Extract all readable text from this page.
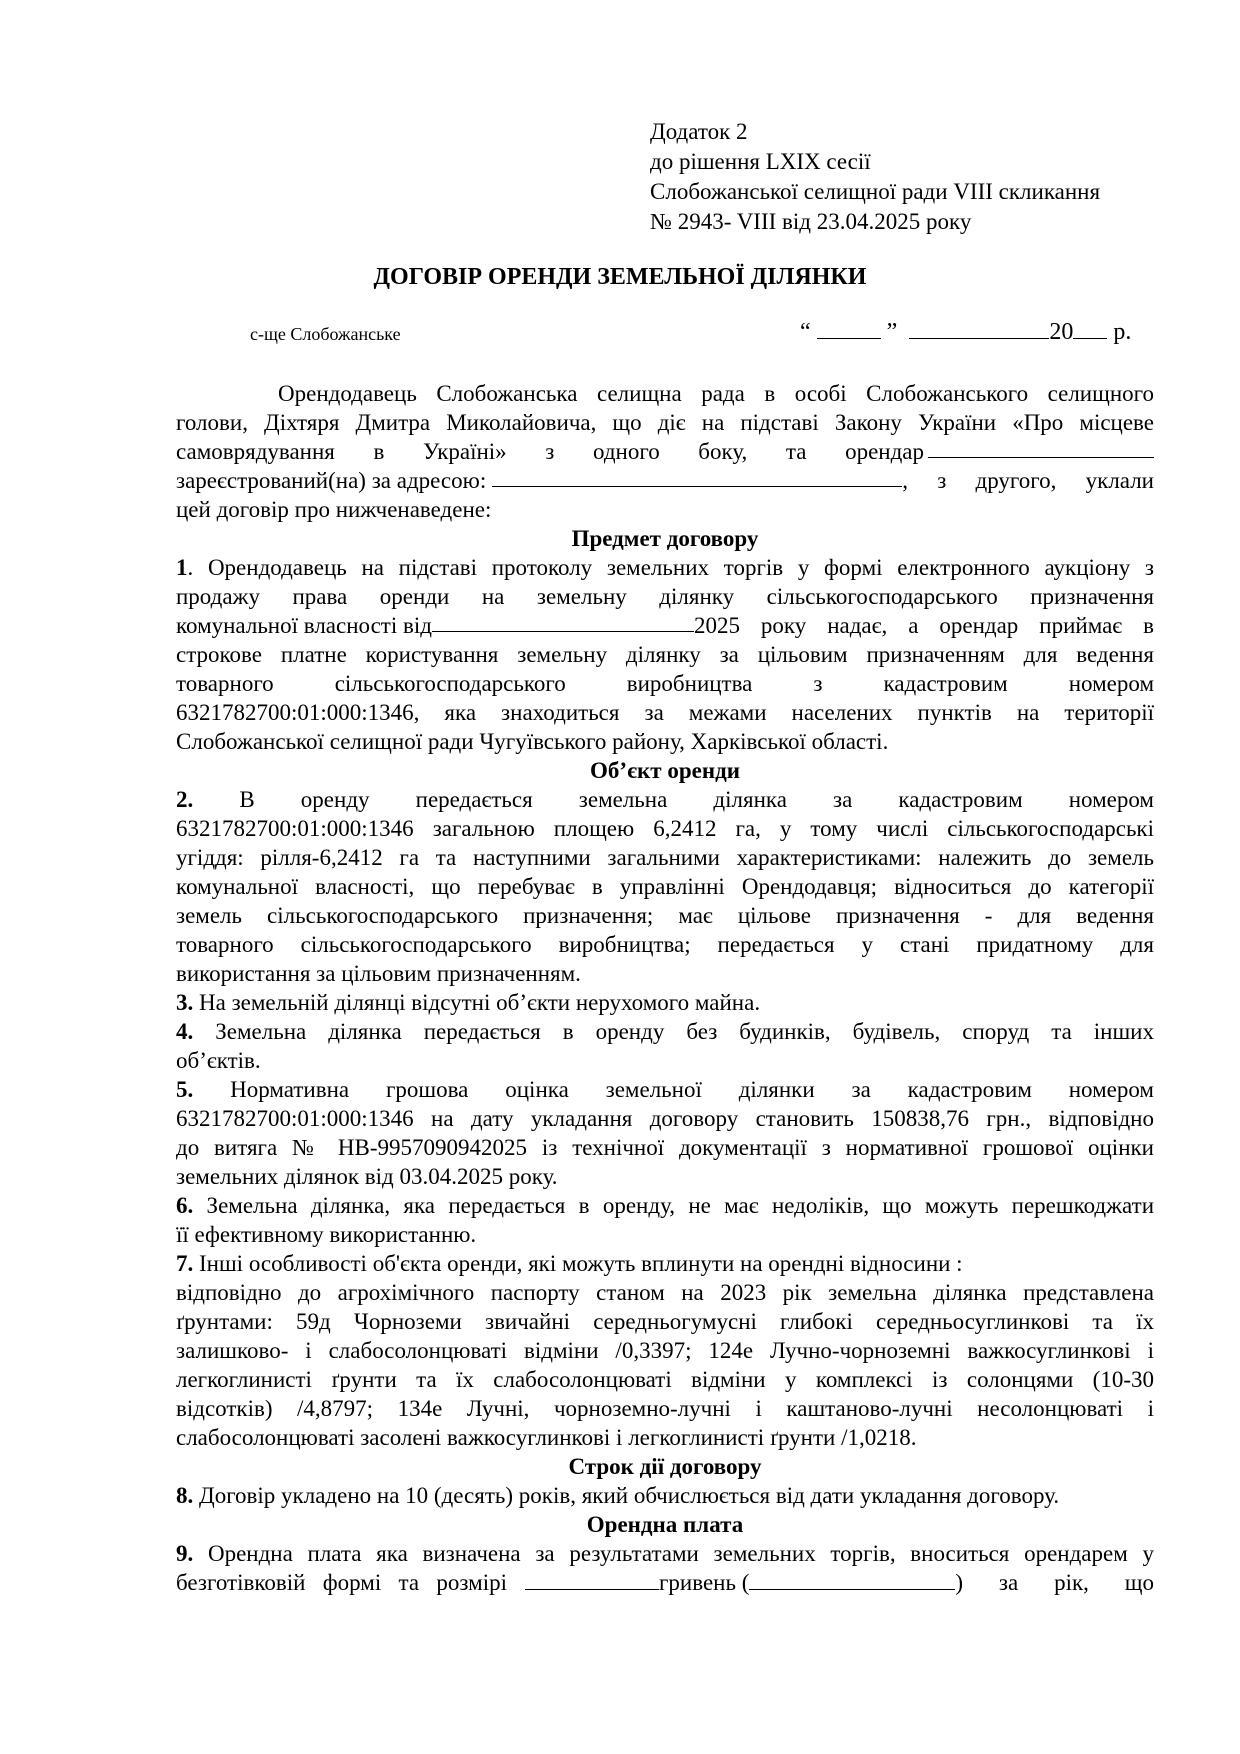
Додаток 2
до рішення LXIX сесії
Слобожанської селищної ради VIII скликання
№ 2943- VIII від 23.04.2025 року
ДОГОВІР ОРЕНДИ ЗЕМЕЛЬНОЇ ДІЛЯНКИ
с-ще Слобожанське	“	”	20 р.

Орендодавець Слобожанська селищна рада в особі Слобожанського селищного

голови, Діхтяря Дмитра Миколайовича, що діє на підставі Закону України «Про місцеве

самоврядування в Україні» з одного боку, та орендар

зареєстрований(на) за адресою:	, з другого, уклали

цей договір про нижченаведене:

Предмет договору

1. Орендодавець на підставі протоколу земельних торгів у формі електронного аукціону з

продажу права оренди на земельну ділянку сільськогосподарського призначення

комунальної власності від	2025 року надає, а орендар приймає в

строкове платне користування земельну ділянку за цільовим призначенням для ведення

товарного сільськогосподарського виробництва з кадастровим номером

6321782700:01:000:1346, яка знаходиться за межами населених пунктів на території

Слобожанської селищної ради Чугуївського району, Харківської області.

Об’єкт оренди

2. В оренду передається земельна ділянка за кадастровим номером

6321782700:01:000:1346 загальною площею 6,2412 га, у тому числі сільськогосподарські

угіддя: рілля-6,2412 га та наступними загальними характеристиками: належить до земель

комунальної власності, що перебуває в управлінні Орендодавця; відноситься до категорії

земель сільськогосподарського призначення; має цільове призначення - для ведення

товарного сільськогосподарського виробництва; передається у стані придатному для

використання за цільовим призначенням.

3. На земельній ділянці відсутні об’єкти нерухомого майна.

4. Земельна ділянка передається в оренду без будинків, будівель, споруд та інших

об’єктів.

5. Нормативна грошова оцінка земельної ділянки за кадастровим номером

6321782700:01:000:1346 на дату укладання договору становить 150838,76 грн., відповідно

до витяга № НВ-9957090942025 із технічної документації з нормативної грошової оцінки

земельних ділянок від 03.04.2025 року.

6. Земельна ділянка, яка передається в оренду, не має недоліків, що можуть перешкоджати

її ефективному використанню.

7. Інші особливості об'єкта оренди, які можуть вплинути на орендні відносини :

відповідно до агрохімічного паспорту станом на 2023 рік земельна ділянка представлена

ґрунтами: 59д Чорноземи звичайні середньогумусні глибокі середньосуглинкові та їх

залишково- і слабосолонцюваті відміни /0,3397; 124е Лучно-чорноземні важкосуглинкові і

легкоглинисті ґрунти та їх слабосолонцюваті відміни у комплексі із солонцями (10-30

відсотків) /4,8797; 134е Лучні, чорноземно-лучні і каштаново-лучні несолонцюваті і

слабосолонцюваті засолені важкосуглинкові і легкоглинисті ґрунти /1,0218.

Строк дії договору

8. Договір укладено на 10 (десять) років, який обчислюється від дати укладання договору.

Орендна плата

9. Орендна плата яка визначена за результатами земельних торгів, вноситься орендарем у

безготівковій формі та розмірі	гривень (	) за рік, що
